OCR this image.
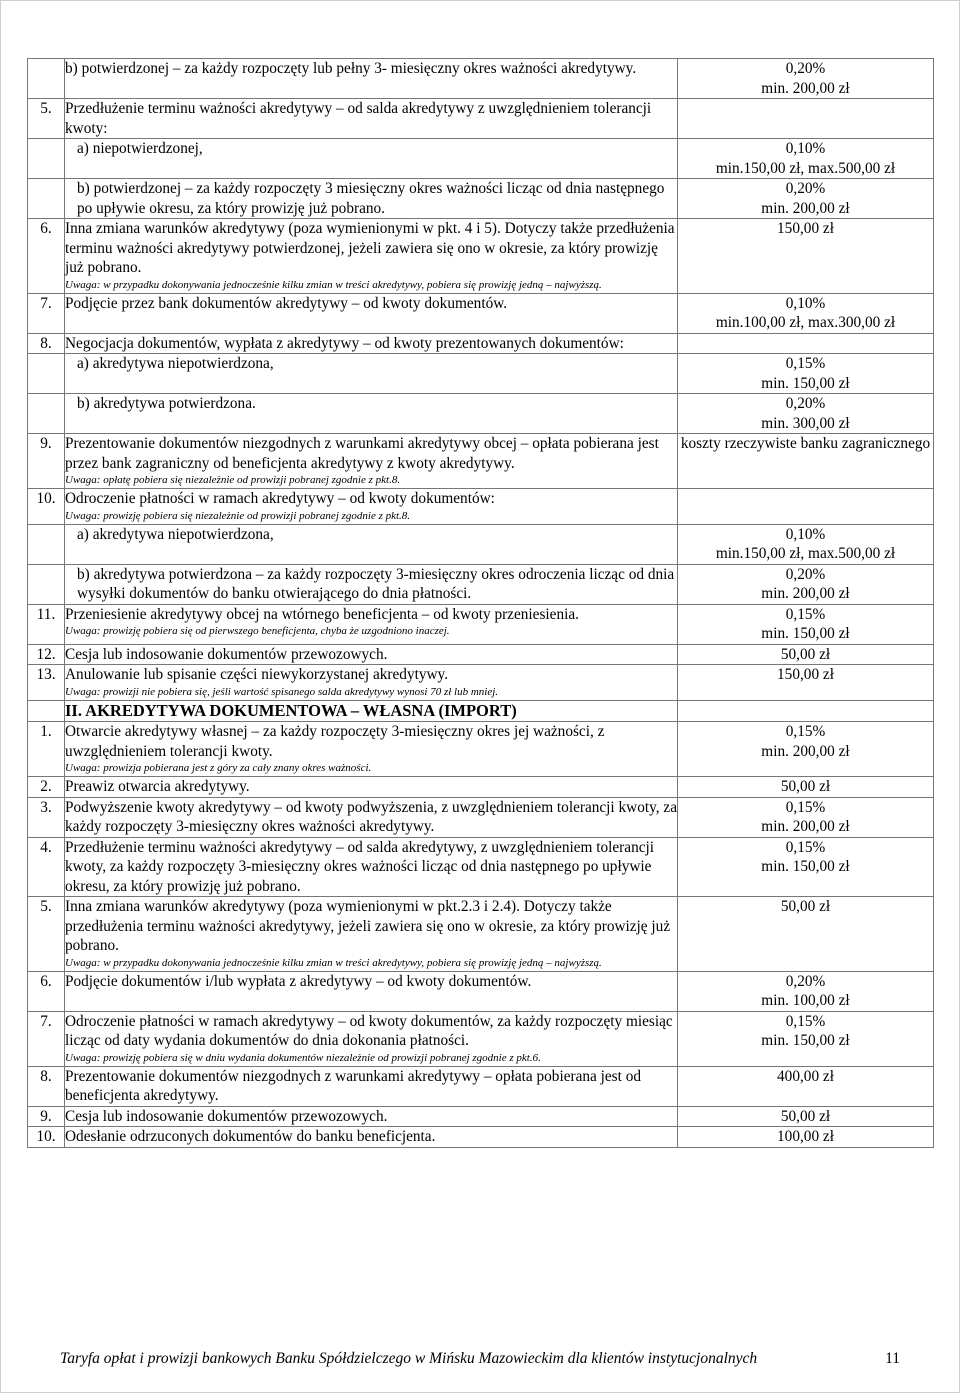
	b) potwierdzonej – za każdy rozpoczęty lub pełny 3- miesięczny okres ważności akredytywy.	0,20%
min. 200,00 zł

5.	Przedłużenie terminu ważności akredytywy – od salda akredytywy z uwzględnieniem tolerancji kwoty:	

	a) niepotwierdzonej,	0,10%
min.150,00 zł, max.500,00 zł

	b) potwierdzonej – za każdy rozpoczęty 3 miesięczny okres ważności licząc od dnia następnego po upływie okresu, za który prowizję już pobrano.	0,20%
min. 200,00 zł

6.	Inna zmiana warunków akredytywy (poza wymienionymi w pkt. 4 i 5). Dotyczy także przedłużenia terminu ważności akredytywy potwierdzonej, jeżeli zawiera się ono w okresie, za który prowizję już pobrano.
Uwaga: w przypadku dokonywania jednocześnie kilku zmian w treści akredytywy, pobiera się prowizję jedną – najwyższą.	150,00 zł

7.	Podjęcie przez bank dokumentów akredytywy – od kwoty dokumentów.	0,10%
min.100,00 zł, max.300,00 zł

8.	Negocjacja dokumentów, wypłata z akredytywy – od kwoty prezentowanych dokumentów:	

	a) akredytywa niepotwierdzona,	0,15%
min. 150,00 zł

	b) akredytywa potwierdzona.	0,20%
min. 300,00 zł

9.	Prezentowanie dokumentów niezgodnych z warunkami akredytywy obcej – opłata pobierana jest przez bank zagraniczny od beneficjenta akredytywy z kwoty akredytywy.
Uwaga: opłatę pobiera się niezależnie od prowizji pobranej zgodnie z pkt.8.	koszty rzeczywiste banku zagranicznego

10.	Odroczenie płatności w ramach akredytywy – od kwoty dokumentów:
Uwaga: prowizję pobiera się niezależnie od prowizji pobranej zgodnie z pkt.8.	

	a) akredytywa niepotwierdzona,	0,10%
min.150,00 zł, max.500,00 zł

	b) akredytywa potwierdzona – za każdy rozpoczęty 3-miesięczny okres odroczenia licząc od dnia wysyłki dokumentów do banku otwierającego do dnia płatności.	0,20%
min. 200,00 zł

11.	Przeniesienie akredytywy obcej na wtórnego beneficjenta – od kwoty przeniesienia.
Uwaga: prowizję pobiera się od pierwszego beneficjenta, chyba że uzgodniono inaczej.	0,15%
min. 150,00 zł

12.	Cesja lub indosowanie dokumentów przewozowych.	50,00 zł

13.	Anulowanie lub spisanie części niewykorzystanej akredytywy.
Uwaga: prowizji nie pobiera się, jeśli wartość spisanego salda akredytywy wynosi 70 zł lub mniej.	150,00 zł

	II. AKREDYTYWA DOKUMENTOWA – WŁASNA (IMPORT)	
1.	Otwarcie akredytywy własnej – za każdy rozpoczęty 3-miesięczny okres jej ważności, z uwzględnieniem tolerancji kwoty.
Uwaga: prowizja pobierana jest z góry za cały znany okres ważności.	0,15%
min. 200,00 zł

2.	Preawiz otwarcia akredytywy.	50,00 zł

3.	Podwyższenie kwoty akredytywy – od kwoty podwyższenia, z uwzględnieniem tolerancji kwoty, za każdy rozpoczęty 3-miesięczny okres ważności akredytywy.	0,15%
min. 200,00 zł

4.	Przedłużenie terminu ważności akredytywy – od salda akredytywy, z uwzględnieniem tolerancji kwoty, za każdy rozpoczęty 3-miesięczny okres ważności licząc od dnia następnego po upływie okresu, za który prowizję już pobrano.	0,15%
min. 150,00 zł

5.	Inna zmiana warunków akredytywy (poza wymienionymi w pkt.2.3 i 2.4). Dotyczy także przedłużenia terminu ważności akredytywy, jeżeli zawiera się ono w okresie, za który prowizję już pobrano.
Uwaga: w przypadku dokonywania jednocześnie kilku zmian w treści akredytywy, pobiera się prowizję jedną – najwyższą.	50,00 zł

6.	Podjęcie dokumentów i/lub wypłata z akredytywy – od kwoty dokumentów.	0,20%
min. 100,00 zł

7.	Odroczenie płatności w ramach akredytywy – od kwoty dokumentów, za każdy rozpoczęty miesiąc licząc od daty wydania dokumentów do dnia dokonania płatności.
Uwaga: prowizję pobiera się w dniu wydania dokumentów niezależnie od prowizji pobranej zgodnie z pkt.6.	0,15%
min. 150,00 zł

8.	Prezentowanie dokumentów niezgodnych z warunkami akredytywy – opłata pobierana jest od beneficjenta akredytywy.	400,00 zł

9.	Cesja lub indosowanie dokumentów przewozowych.	50,00 zł

10.	Odesłanie odrzuconych dokumentów do banku beneficjenta.	100,00 zł
Taryfa opłat i prowizji bankowych Banku Spółdzielczego w Mińsku Mazowieckim dla klientów instytucjonalnych	11
